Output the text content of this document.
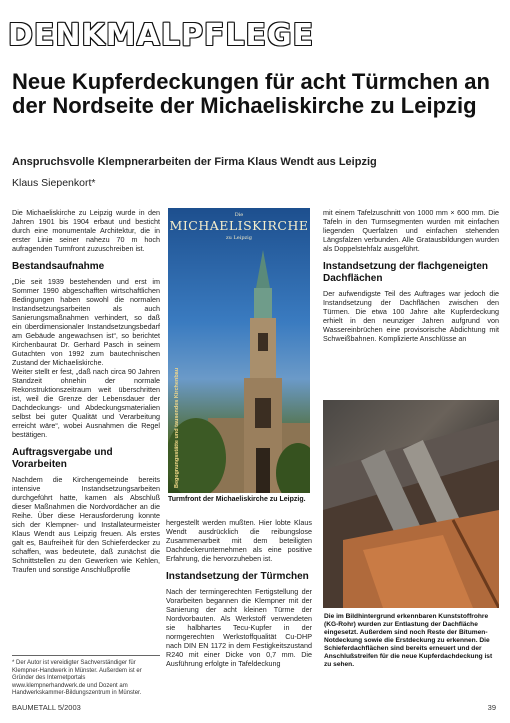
DENKMALPFLEGE
Neue Kupferdeckungen für acht Türmchen an der Nordseite der Michaeliskirche zu Leipzig
Anspruchsvolle Klempnerarbeiten der Firma Klaus Wendt aus Leipzig
Klaus Siepenkort*

Die Michaeliskirche zu Leipzig wurde in den Jahren 1901 bis 1904 erbaut und besticht durch eine monumentale Architektur, die in erster Linie seiner nahezu 70 m hoch aufragenden Turmfront zuzuschreiben ist.

Bestandsaufnahme

„Die seit 1939 bestehenden und erst im Sommer 1990 abgeschafften wirtschaftlichen Bedingungen haben sowohl die normalen Instandsetzungsarbeiten als auch Sanierungsmaßnahmen verhindert, so daß ein überdimensionaler Instandsetzungsbedarf am Gebäude angewachsen ist“, so berichtet Kirchenbaurat Dr. Gerhard Pasch in seinem Gutachten von 1992 zum bautechnischen Zustand der Michaeliskirche.

Weiter stellt er fest, „daß nach circa 90 Jahren Standzeit ohnehin der normale Rekonstruktionszeitraum weit überschritten ist, weil die Grenze der Lebensdauer der Dachdeckungs- und Abdeckungsmaterialien selbst bei guter Qualität und Verarbeitung erreicht wäre“, wobei Ausnahmen die Regel bestätigen.

Auftragsvergabe und Vorarbeiten

Nachdem die Kirchengemeinde bereits intensive Instandsetzungsarbeiten durchgeführt hatte, kamen als Abschluß dieser Maßnahmen die Nordvordächer an die Reihe. Über diese Herausforderung konnte sich der Klempner- und Installateurmeister Klaus Wendt aus Leipzig freuen. Als erstes galt es, Baufreiheit für den Schieferdecker zu schaffen, was bedeutete, daß zunächst die Schnittstellen zu den Gewerken wie Kehlen, Traufen und sonstige Anschlußprofile

Die
MICHAELISKIRCHE
zu Leipzig
Begegnungsstätte und tausendes Kirchenbau
Turmfront der Michaeliskirche zu Leipzig.

hergestellt werden mußten. Hier lobte Klaus Wendt ausdrücklich die reibungslose Zusammenarbeit mit dem beteiligten Dachdeckerunternehmen als eine positive Erfahrung, die hervorzuheben ist.

Instandsetzung der Türmchen

Nach der termingerechten Fertigstellung der Vorarbeiten begannen die Klempner mit der Sanierung der acht kleinen Türme der Nordvorbauten. Als Werkstoff verwendeten sie halbhartes Tecu-Kupfer in der normgerechten Werkstoffqualität Cu-DHP nach DIN EN 1172 in dem Festigkeitszustand R240 mit einer Dicke von 0,7 mm. Die Ausführung erfolgte in Tafeldeckung

mit einem Tafelzuschnitt von 1000 mm × 600 mm. Die Tafeln in den Turmsegmenten wurden mit einfachen liegenden Querfalzen und einfachen stehenden Längsfalzen verbunden. Alle Gratausbildungen wurden als Doppelstehfalz ausgeführt.

Instandsetzung der flachgeneigten Dachflächen

Der aufwendigste Teil des Auftrages war jedoch die Instandsetzung der Dachflächen zwischen den Türmen. Die etwa 100 Jahre alte Kupferdeckung erhielt in den neunziger Jahren aufgrund von Wassereinbrüchen eine provisorische Abdichtung mit Schweißbahnen. Komplizierte Anschlüsse an

Die im Bildhintergrund erkennbaren Kunststoffrohre (KG-Rohr) wurden zur Entlastung der Dachfläche eingesetzt. Außerdem sind noch Reste der Bitumen-Notdeckung sowie die Erstdeckung zu erkennen. Die Schieferdachflächen sind bereits erneuert und der Anschlußstreifen für die neue Kupferdachdeckung ist zu sehen.
* Der Autor ist vereidigter Sachverständiger für Klempner-Handwerk in Münster. Außerdem ist er Gründer des Internetportals www.klempnerhandwerk.de und Dozent am Handwerkskammer-Bildungszentrum in Münster.
BAUMETALL 5/2003	39
